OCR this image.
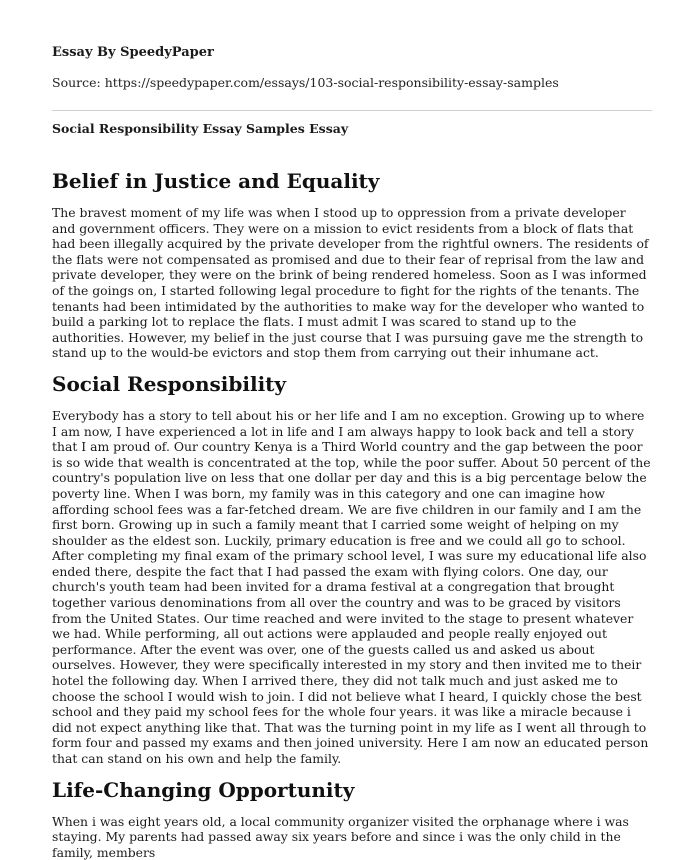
Essay By SpeedyPaper
Source: https://speedypaper.com/essays/103-social-responsibility-essay-samples
Social Responsibility Essay Samples Essay
Belief in Justice and Equality

The bravest moment of my life was when I stood up to oppression from a private developer and government officers. They were on a mission to evict residents from a block of flats that had been illegally acquired by the private developer from the rightful owners. The residents of the flats were not compensated as promised and due to their fear of reprisal from the law and private developer, they were on the brink of being rendered homeless. Soon as I was informed of the goings on, I started following legal procedure to fight for the rights of the tenants. The tenants had been intimidated by the authorities to make way for the developer who wanted to build a parking lot to replace the flats. I must admit I was scared to stand up to the authorities. However, my belief in the just course that I was pursuing gave me the strength to stand up to the would-be evictors and stop them from carrying out their inhumane act.

Social Responsibility

Everybody has a story to tell about his or her life and I am no exception. Growing up to where I am now, I have experienced a lot in life and I am always happy to look back and tell a story that I am proud of. Our country Kenya is a Third World country and the gap between the poor is so wide that wealth is concentrated at the top, while the poor suffer. About 50 percent of the country's population live on less that one dollar per day and this is a big percentage below the poverty line. When I was born, my family was in this category and one can imagine how affording school fees was a far-fetched dream. We are five children in our family and I am the first born. Growing up in such a family meant that I carried some weight of helping on my shoulder as the eldest son. Luckily, primary education is free and we could all go to school. After completing my final exam of the primary school level, I was sure my educational life also ended there, despite the fact that I had passed the exam with flying colors. One day, our church's youth team had been invited for a drama festival at a congregation that brought together various denominations from all over the country and was to be graced by visitors from the United States. Our time reached and were invited to the stage to present whatever we had. While performing, all out actions were applauded and people really enjoyed out performance. After the event was over, one of the guests called us and asked us about ourselves. However, they were specifically interested in my story and then invited me to their hotel the following day. When I arrived there, they did not talk much and just asked me to choose the school I would wish to join. I did not believe what I heard, I quickly chose the best school and they paid my school fees for the whole four years. it was like a miracle because i did not expect anything like that. That was the turning point in my life as I went all through to form four and passed my exams and then joined university. Here I am now an educated person that can stand on his own and help the family.

Life-Changing Opportunity

When i was eight years old, a local community organizer visited the orphanage where i was staying. My parents had passed away six years before and since i was the only child in the family, members
